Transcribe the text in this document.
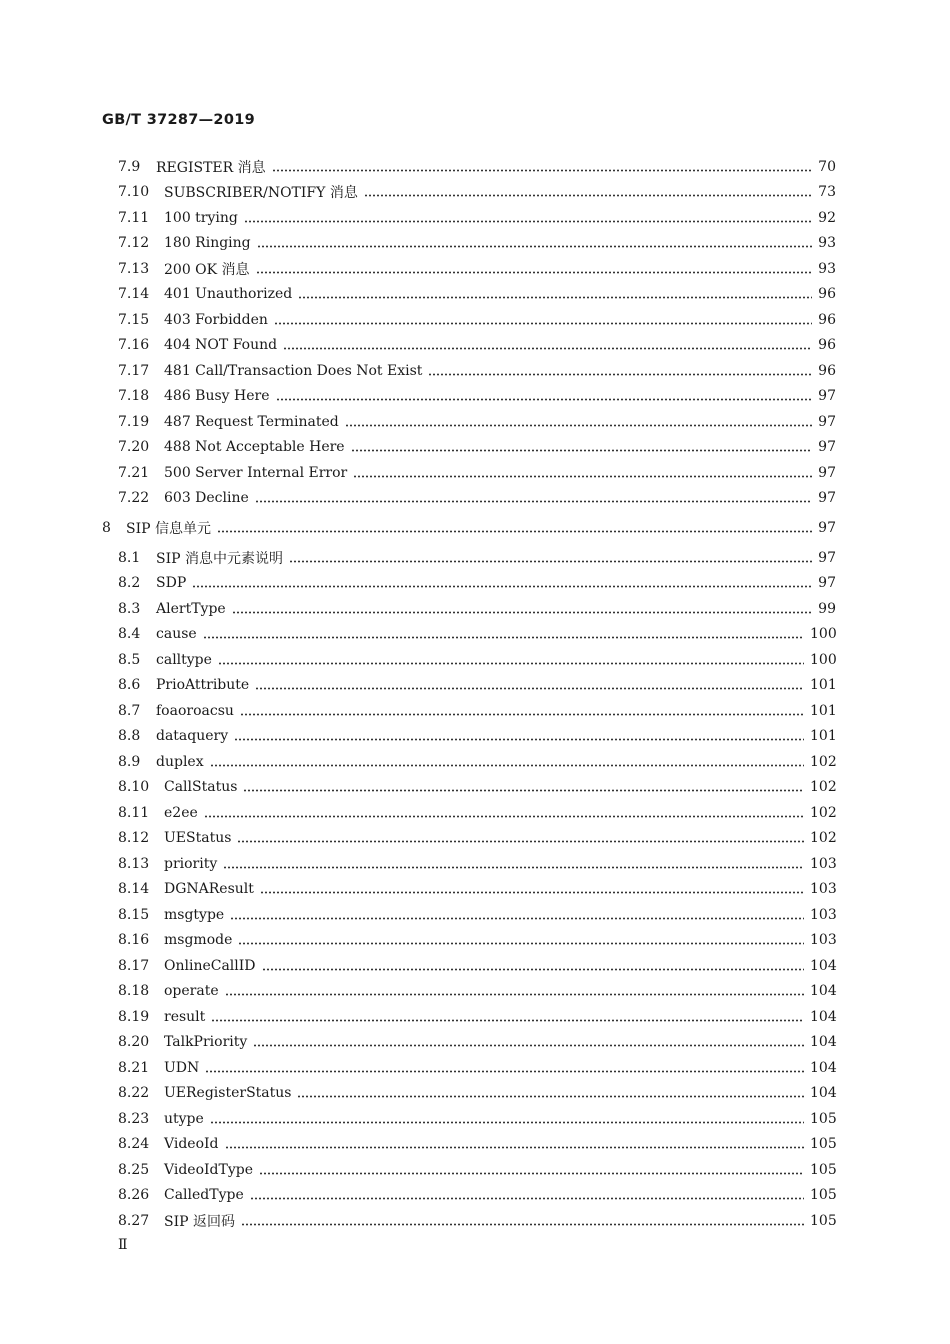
GB/T 37287—2019
7.9	REGISTER 消息	70
7.10	SUBSCRIBER/NOTIFY 消息	73
7.11	100 trying	92
7.12	180 Ringing	93
7.13	200 OK 消息	93
7.14	401 Unauthorized	96
7.15	403 Forbidden	96
7.16	404 NOT Found	96
7.17	481 Call/Transaction Does Not Exist	96
7.18	486 Busy Here	97
7.19	487 Request Terminated	97
7.20	488 Not Acceptable Here	97
7.21	500 Server Internal Error	97
7.22	603 Decline	97
8	SIP 信息单元	97
8.1	SIP 消息中元素说明	97
8.2	SDP	97
8.3	AlertType	99
8.4	cause	100
8.5	calltype	100
8.6	PrioAttribute	101
8.7	foaoroacsu	101
8.8	dataquery	101
8.9	duplex	102
8.10	CallStatus	102
8.11	e2ee	102
8.12	UEStatus	102
8.13	priority	103
8.14	DGNAResult	103
8.15	msgtype	103
8.16	msgmode	103
8.17	OnlineCallID	104
8.18	operate	104
8.19	result	104
8.20	TalkPriority	104
8.21	UDN	104
8.22	UERegisterStatus	104
8.23	utype	105
8.24	VideoId	105
8.25	VideoIdType	105
8.26	CalledType	105
8.27	SIP 返回码	105
Ⅱ
